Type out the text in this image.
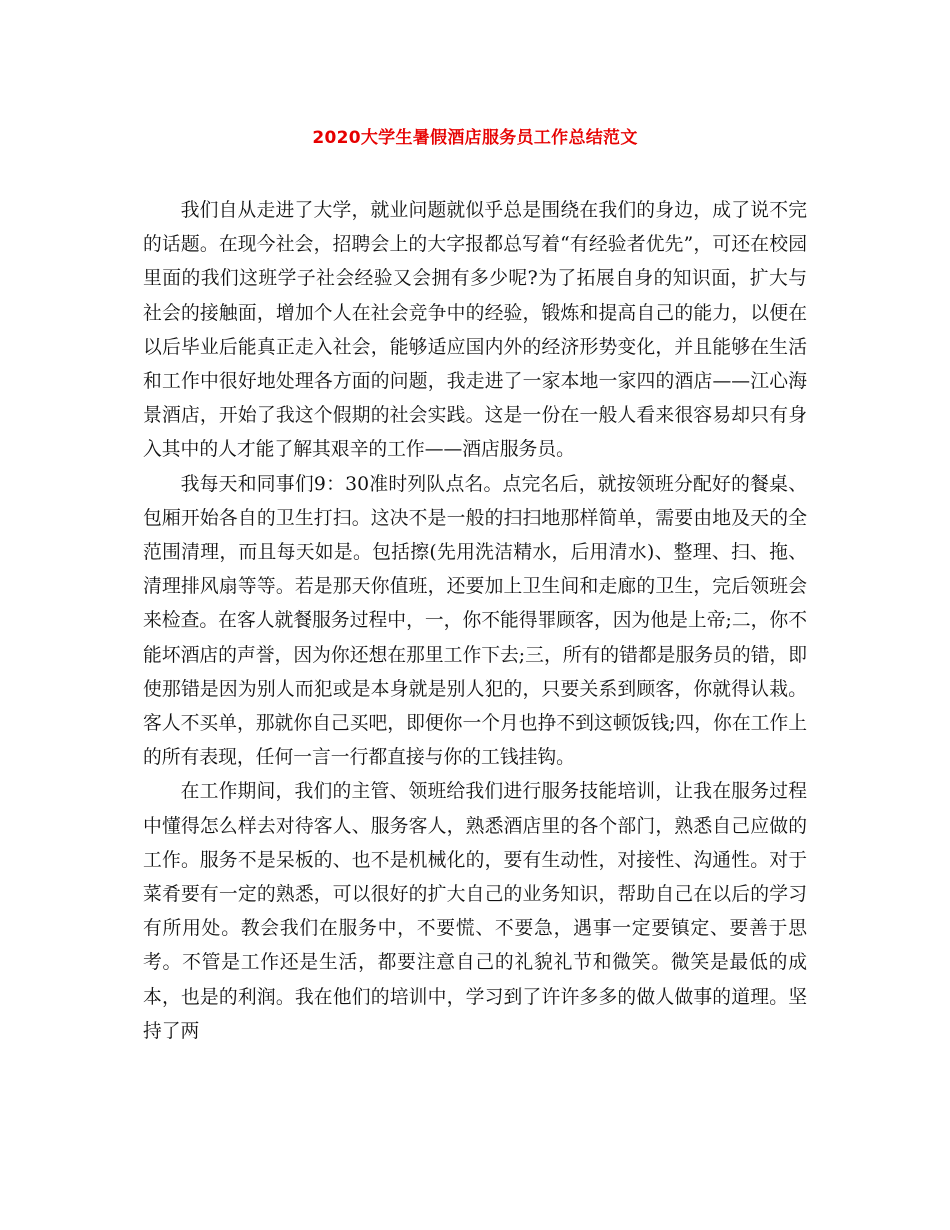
2020大学生暑假酒店服务员工作总结范文

我们自从走进了大学，就业问题就似乎总是围绕在我们的身边，成了说不完的话题。在现今社会，招聘会上的大字报都总写着“有经验者优先”，可还在校园里面的我们这班学子社会经验又会拥有多少呢?为了拓展自身的知识面，扩大与社会的接触面，增加个人在社会竞争中的经验，锻炼和提高自己的能力，以便在以后毕业后能真正走入社会，能够适应国内外的经济形势变化，并且能够在生活和工作中很好地处理各方面的问题，我走进了一家本地一家四的酒店——江心海景酒店，开始了我这个假期的社会实践。这是一份在一般人看来很容易却只有身入其中的人才能了解其艰辛的工作——酒店服务员。

我每天和同事们9：30准时列队点名。点完名后，就按领班分配好的餐桌、包厢开始各自的卫生打扫。这决不是一般的扫扫地那样简单，需要由地及天的全范围清理，而且每天如是。包括擦(先用洗洁精水，后用清水)、整理、扫、拖、清理排风扇等等。若是那天你值班，还要加上卫生间和走廊的卫生，完后领班会来检查。在客人就餐服务过程中，一，你不能得罪顾客，因为他是上帝;二，你不能坏酒店的声誉，因为你还想在那里工作下去;三，所有的错都是服务员的错，即使那错是因为别人而犯或是本身就是别人犯的，只要关系到顾客，你就得认栽。客人不买单，那就你自己买吧，即便你一个月也挣不到这顿饭钱;四，你在工作上的所有表现，任何一言一行都直接与你的工钱挂钩。

在工作期间，我们的主管、领班给我们进行服务技能培训，让我在服务过程中懂得怎么样去对待客人、服务客人，熟悉酒店里的各个部门，熟悉自己应做的工作。服务不是呆板的、也不是机械化的，要有生动性，对接性、沟通性。对于菜肴要有一定的熟悉，可以很好的扩大自己的业务知识，帮助自己在以后的学习有所用处。教会我们在服务中，不要慌、不要急，遇事一定要镇定、要善于思考。不管是工作还是生活，都要注意自己的礼貌礼节和微笑。微笑是最低的成本，也是的利润。我在他们的培训中，学习到了许许多多的做人做事的道理。坚持了两
